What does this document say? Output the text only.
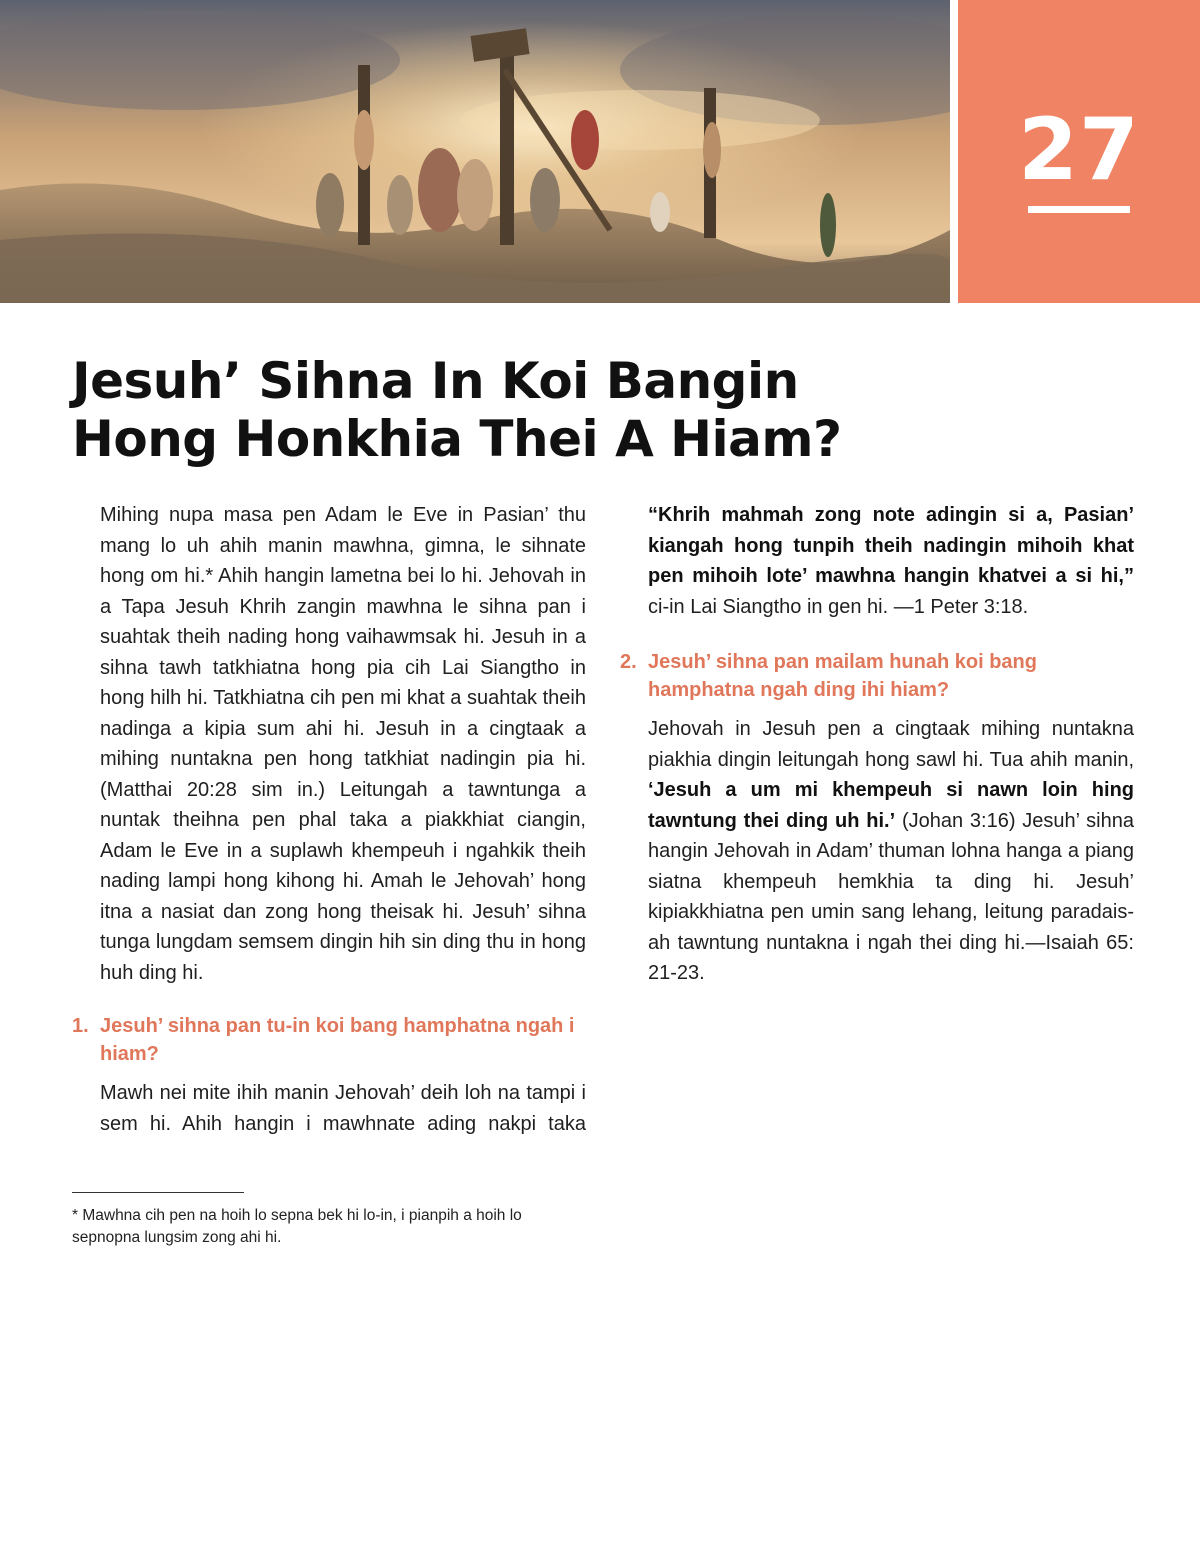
27
Jesuh’ Sihna In Koi Bangin
Hong Honkhia Thei A Hiam?

Mihing nupa masa pen Adam le Eve in Pasian’ thu mang lo uh ahih manin mawhna, gimna, le sihnate hong om hi.* Ahih hangin lametna bei lo hi. Jehovah in a Tapa Jesuh Khrih zangin mawhna le sihna pan i suahtak theih nading hong vaihawmsak hi. Jesuh in a sihna tawh tatkhiatna hong pia cih Lai Siangtho in hong hilh hi. Tatkhiatna cih pen mi khat a suahtak theih nadinga a kipia sum ahi hi. Jesuh in a cingtaak a mihing nuntakna pen hong tatkhiat nadingin pia hi. (Matthai 20:28 sim in.) Leitungah a tawntunga a nuntak theihna pen phal taka a piakkhiat ciangin, Adam le Eve in a suplawh khempeuh i ngahkik theih nading lampi hong kihong hi. Amah le Jehovah’ hong itna a nasiat dan zong hong theisak hi. Jesuh’ sihna tunga lungdam semsem dingin hih sin ding thu in hong huh ding hi.

1. Jesuh’ sihna pan tu-in koi bang hamphatna ngah i hiam?

Mawh nei mite ihih manin Jehovah’ deih loh na tampi i sem hi. Ahih hangin i mawhnate ading nakpi taka

* Mawhna cih pen na hoih lo sepna bek hi lo-in, i pianpih a hoih lo sepnopna lungsim zong ahi hi.

“Khrih mahmah zong note adingin si a, Pasian’ kiangah hong tunpih theih nadingin mihoih khat pen mihoih lote’ mawhna hangin khatvei a si hi,” ci-in Lai Siangtho in gen hi. —1 Peter 3:18.

2. Jesuh’ sihna pan mailam hunah koi bang hamphatna ngah ding ihi hiam?

Jehovah in Jesuh pen a cingtaak mihing nuntakna piakhia dingin leitungah hong sawl hi. Tua ahih manin, ‘Jesuh a um mi khempeuh si nawn loin hing tawntung thei ding uh hi.’ (Johan 3:16) Jesuh’ sihna hangin Jehovah in Adam’ thuman lohna hanga a piang siatna khempeuh hemkhia ta ding hi. Jesuh’ kipiakkhiatna pen umin sang lehang, leitung paradais-ah tawntung nuntakna i ngah thei ding hi.—Isaiah 65: 21-23.
